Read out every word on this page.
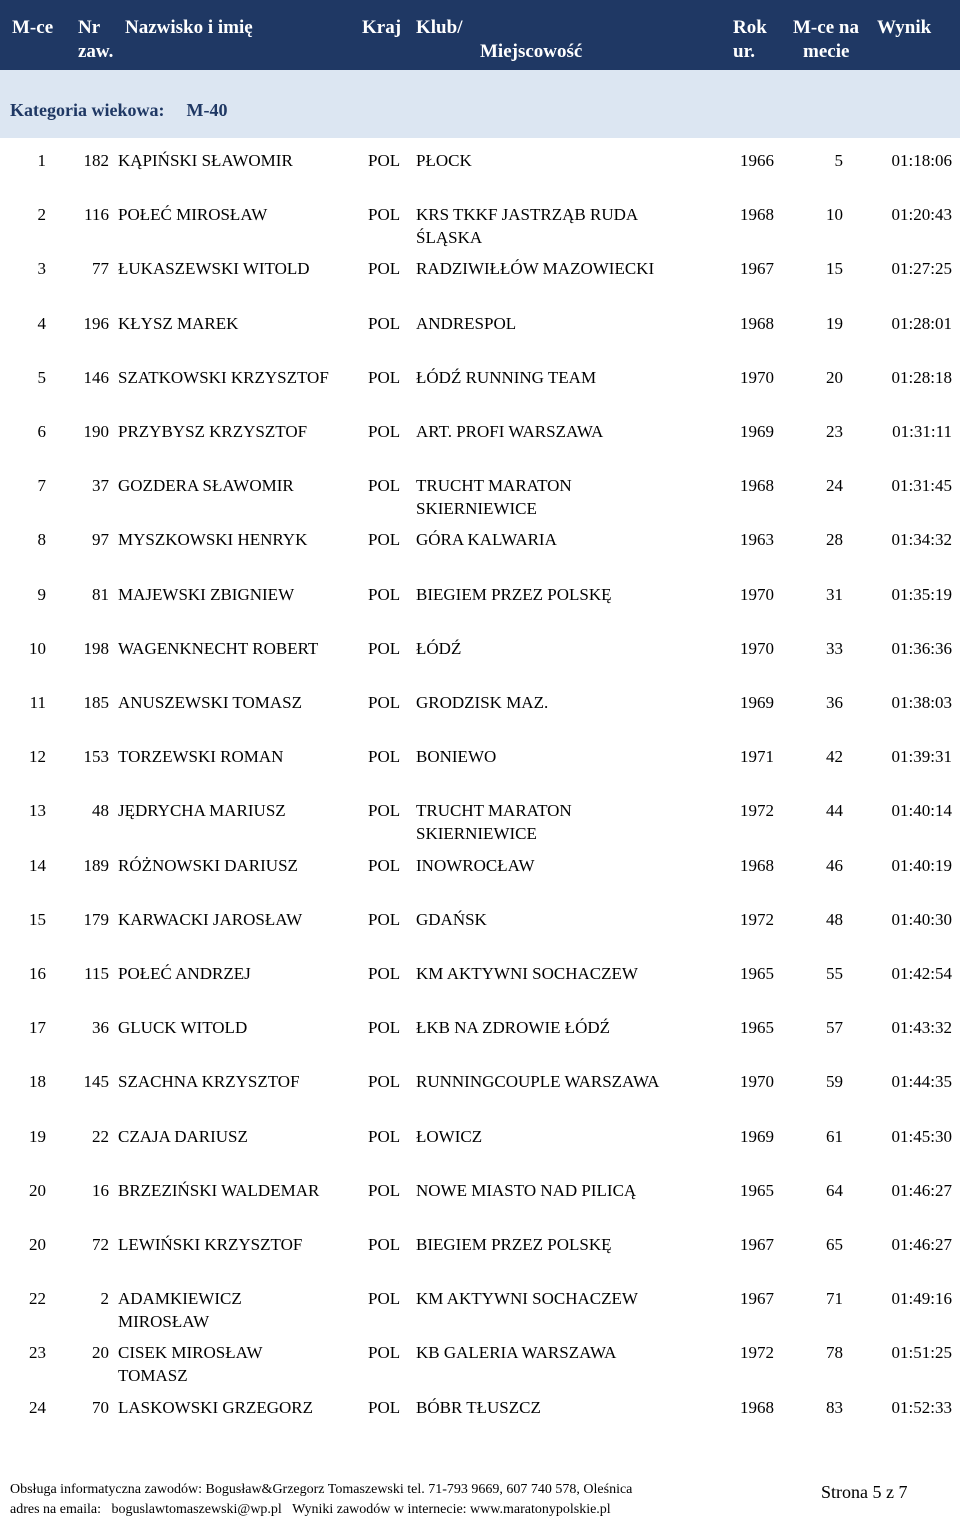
M-ce Nr
zaw.
Nazwisko i imię	Kraj Klub/
Miejscowość
Rok
ur.
M-ce na
mecie
Wynik
Kategoria wiekowa: M-40
1	182 KĄPIŃSKI SŁAWOMIR	POL PŁOCK	1966	5	01:18:06
2	116 POŁEĆ MIROSŁAW	POL KRS TKKF JASTRZĄB RUDA
ŚLĄSKA
1968	10	01:20:43
3	77 ŁUKASZEWSKI WITOLD	POL RADZIWIŁŁÓW MAZOWIECKI	1967	15	01:27:25
4	196 KŁYSZ MAREK	POL ANDRESPOL	1968	19	01:28:01
5	146 SZATKOWSKI KRZYSZTOF	POL ŁÓDŹ RUNNING TEAM	1970	20	01:28:18
6	190 PRZYBYSZ KRZYSZTOF	POL ART. PROFI WARSZAWA	1969	23	01:31:11
7	37 GOZDERA SŁAWOMIR	POL TRUCHT MARATON
SKIERNIEWICE
1968	24	01:31:45
8	97 MYSZKOWSKI HENRYK	POL GÓRA KALWARIA	1963	28	01:34:32
9	81 MAJEWSKI ZBIGNIEW	POL BIEGIEM PRZEZ POLSKĘ	1970	31	01:35:19
10	198 WAGENKNECHT ROBERT	POL ŁÓDŹ	1970	33	01:36:36
11	185 ANUSZEWSKI TOMASZ	POL GRODZISK MAZ.	1969	36	01:38:03
12	153 TORZEWSKI ROMAN	POL BONIEWO	1971	42	01:39:31
13	48 JĘDRYCHA MARIUSZ	POL TRUCHT MARATON
SKIERNIEWICE
1972	44	01:40:14
14	189 RÓŻNOWSKI DARIUSZ	POL INOWROCŁAW	1968	46	01:40:19
15	179 KARWACKI JAROSŁAW	POL GDAŃSK	1972	48	01:40:30
16	115 POŁEĆ ANDRZEJ	POL KM AKTYWNI SOCHACZEW	1965	55	01:42:54
17	36 GLUCK WITOLD	POL ŁKB NA ZDROWIE ŁÓDŹ	1965	57	01:43:32
18	145 SZACHNA KRZYSZTOF	POL RUNNINGCOUPLE WARSZAWA	1970	59	01:44:35
19	22 CZAJA DARIUSZ	POL ŁOWICZ	1969	61	01:45:30
20	16 BRZEZIŃSKI WALDEMAR	POL NOWE MIASTO NAD PILICĄ	1965	64	01:46:27
20	72 LEWIŃSKI KRZYSZTOF	POL BIEGIEM PRZEZ POLSKĘ	1967	65	01:46:27
22	2 ADAMKIEWICZ
MIROSŁAW
POL KM AKTYWNI SOCHACZEW	1967	71	01:49:16
23	20 CISEK MIROSŁAW
TOMASZ
POL KB GALERIA WARSZAWA	1972	78	01:51:25
24	70 LASKOWSKI GRZEGORZ	POL BÓBR TŁUSZCZ	1968	83	01:52:33
Obsługa informatyczna zawodów: Bogusław&Grzegorz Tomaszewski tel. 71-793 9669, 607 740 578, Oleśnica
adres na emaila:   boguslawtomaszewski@wp.pl   Wyniki zawodów w internecie: www.maratonypolskie.pl
Strona 5 z 7
